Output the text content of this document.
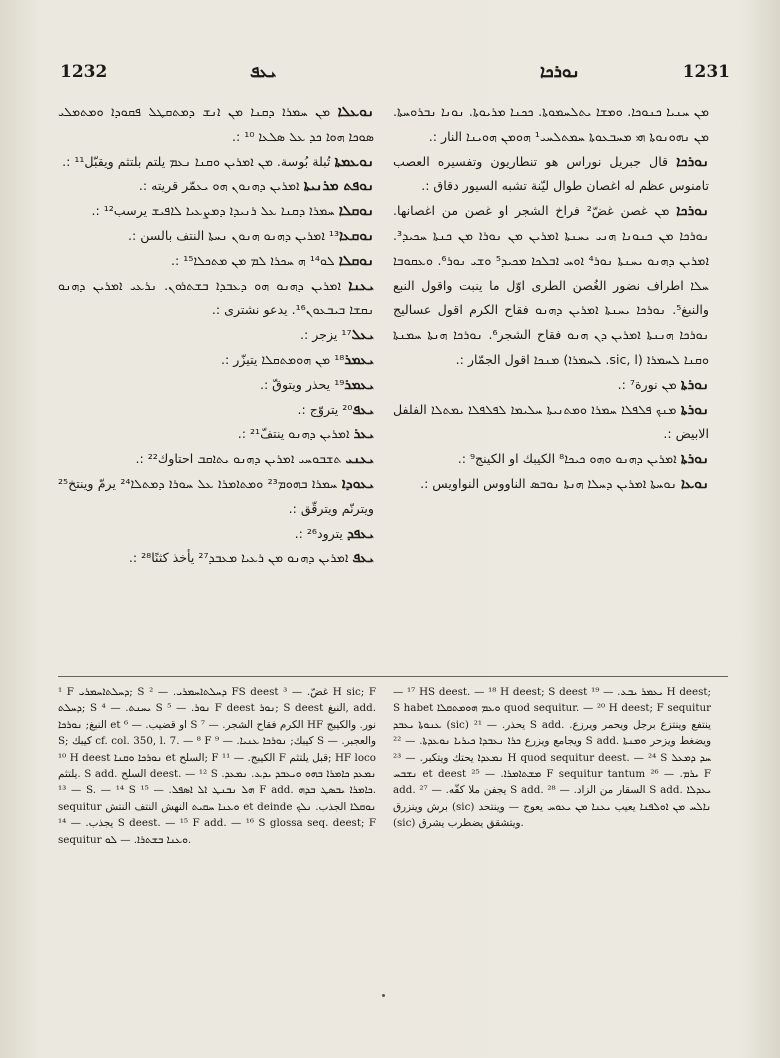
1232	ܝܥܦ	ܢܘܪܟܐ	1231

ܢܘܥܠܐ ܡܢ ܚܡܪܐ ܕܩܢܐ ܡܢ ܐܢܫ ܕܡܬܩܛܠ ܦܩܘܕܐ ܘܡܬܡܠܝ ܣܘܟܐ ܗܘܐ ܟܕ ܥܠ ܣܠܥܐ ¹⁰ :.

ܢܘܥܡܬܐ تُبلة بُوسة. ܡܢ ܐܡܪܝܢ ܘܩܢܐ ܢܥܡ يلتم بلتثم ويقبّل¹¹ :.

ܢܘܦܬ ܡܪܢܝܬܐ ܐܡܪܝܢ ܕܗܢܘܢ ܗܘ ܝܥمّر قريته :.

ܢܘܩܠܐ ܚܡܪܐ ܕܩܢܐ ܥܠ ܪܢܝܕܐ ܕܡܨܥܝܐ ܠܐܦܝܫ يرسب¹² :.

ܢܘܩܥܐ¹³ ܐܡܪܝܢ ܕܗܢܘ ܗܢܘܢ ܢܚܬܐ النتف بالسن :.

ܢܘܩܠܐ ܠܘ¹⁴ ܗ ܚܟܪܐ ܠܡ ܡܢ ܡܬܟܠܐ¹⁵ :.

ܝܥܢܐ ܐܡܪܝܢ ܕܗܢܘ ܗܘ ܕܥܒܕܐ ܒܫܬܪܘܢ. ܢܪܥܝ ܐܡܪܝܢ ܕܗܢܘ ܢܩܫܐ ܒܝܒܥܘܢ¹⁶. يدعو نشترى :.

ܝܥܠ¹⁷ يزجر :.

ܝܥܡܪ¹⁸ ܡܢ ܗܘܡܬܩܠܐ يتيزّر :.

ܝܥܡܪ¹⁹ يحذر ويتوقّ :.

ܝܥܦ²⁰ يتروّج :.

ܝܥܪ ܐܡܪܝܢ ܕܗܢܘ ينتفّ²¹ :.

ܝܥܢܝ ܬܫܒܘܚܝ ܐܡܪܝܢ ܕܗܢܘ ܝܬܐܩܒ احتاوك²² :.

ܝܥܘܕܐ ܚܡܪܐ ܒܗܘܡ²³ ܘܡܬܐܡܪܐ ܥܠ ܚܘܪܐ ܕܡܬܠܐ²⁴ يرمّ وينتخ²⁵ ويترنّم ويترقّق :.

ܝܥܦܕ يترود²⁶ :.

ܝܥܦ ܐܡܪܝܢ ܕܗܢܘ ܡܢ ܪܥܝܐ ܡܥܒܕ²⁷ يأخذ كثنًا²⁸ :.

ܡܢ ܚܢܝܐ ܟܢܘܟܐ. ܘܡܫܐ ܝܬܠܚܡܘܬܐ. ܟܟܢܐ ܡܪܝܘܬܐ. ܢܘܢܐ ܢܒܪܘܚܬܐ. ܡܢ ܢܗܘܢܘܬܐ ܗܝ ܡܚܒܥܘܬܐ ܚܡܬܠܚܝ¹ ܗܘܡܢ ܗܘܝܢܐ النار :.

ܢܘܪܟܐ قال جبريل نوراس هو تنطاريون وتفسيره العصب تامنوس عظم له اغصان طوال ليّنة تشبه السيور دقاق :.

ܢܘܪܟܐ ܡܢ غصن غضّ² فراخ الشجر او غصن من اغصانها. ܢܘܪܟܐ ܡܢ ܟܢܘܢܐ ܗܢܝ ܝܚܢܬܐ ܐܡܪܝܢ ܡܢ ܢܘܪܐ ܡܢ ܟܢܬܐ ܚܟܝܕ³. ܐܡܪܝܢ ܕܗܢܘ ܝܚܢܬܐ ܢܘܪ⁴ ܐܘܚ ܐܒܠܟܐ ܡܟܝܕ⁵ ܘܫܝ ܢܘܪ⁶. ܘܥܩܘܒܐ ܚܠܐ اطراف نضور الغُصن الطرى اوّل ما ينبت واقول النبع والنبغ⁵. ܢܘܪܟܐ ܝܚܢܬܐ ܐܡܪܝܢ ܕܗܢܘ فقاح الكرم اقول عساليج ܢܘܪܟܐ ܗܢܢܬܐ ܐܡܪܝܢ ܕܢ ܗܢܘ فقاح الشجر⁶. ܢܘܪܟܐ ܗܢܬܐ ܚܡܢܬܐ ܘܩܢܐ ܠܚܡܪܐ (sic, l. ܠܚܡܪܐ) ܡܢܟܐ اقول الجمّار :.

ܢܘܪܬܐ ܡܢ نورة⁷ :.

ܢܘܪܬܐ ܡܢܟ ܦܠܦܠܐ ܚܡܪܐ ܘܡܬܢܝܬܐ ܚܠܝܡܐ ܠܦܠܦܠܐ ܝܡܬܠܐ الفلفل الابيض :.

ܢܘܪܬܐ ܐܡܪܝܢ ܕܗܢܘ ܘܗܘ ܟܝܟܐ⁸ الكيبك او الكينج⁹ :.

ܢܘܥܐ ܢܘܚܬܐ ܐܡܪܝܢ ܕܚܠܐ ܗܢܬܐ ܢܘܒܣ الناووس النواويس :.

¹ F ܕܚܠܬܐܚܡܪܝ; S ܕܚܠܬܐܚܡܪܝ. — ² FS deest غضّ. — ³ H sic; F ܕܚܠܬ; S ܝܚܢܬ. — ⁴ S ܢܘܪ. — ⁵ F deest ܢܘܪ; S deest النبغ, add. النبغ; ܢܘܪܟܐ et او قضيب. — ⁶ S الكرم فقاح الشجر. — ⁷ HF نور. والكيبج S; كيبك cf. col. 350, l. 7. — ⁸ F كيبك; ܢܘܪܟܐ ܥܢܝܐ. — ⁹ S والعجبر. — ¹⁰ H deest ܢܘܪܟܐ ܘܩܢܐ et السلح; F الكيبج. — ¹¹ F قبل يلتثم; HF loco يلتثم. S add. السلح deest. — ¹² S ܢܡܥܕ ܟܐܡܪܐ ܒܗܘ ܘܝܥܒܕ ܝܕܥ. ܢܡܥܕ. — ¹³ S. — ¹⁴ S ܗܠ ܢܒܢܛ ܐܠ ܐܣܦܠ. — ¹⁵ F add. ܟܐܡܪܐ ܝܒܣܛ ܒܕܗ. sequitur ܘܥܢܐ ܚܩܝܬ النهش النتف النتش et deinde ܢܘܩܠܐ الجذب. ܢܠܟ يجذب. — ¹⁴ S deest. — ¹⁵ F add. — ¹⁶ S glossa seq. deest; F sequitur ܘܥܢܐ ܒܫܬܪܐ. — ܠܘ.

— ¹⁷ HS deest. — ¹⁸ H deest; S deest ܝܥܡܪ ܝܒܥ. — ¹⁹ H deest; S habet ܘܥܡ ܗܘܡܬܩܠܐ quod sequitur. — ²⁰ H deest; F sequitur ܥܢܘܬܐ ܝܥܒܕ (sic) يحذر. — ²¹ S add. ينتفع وينتزع برجل ويحمر ويرزع. ويجامع ويزرع ܟܪܐ ܢܥܒܕܐ ܟܝܪܝܐ ܢܘܥܕܬܐ. — ²² S add. ويضغط ويزحر ܘܡܢܬܐ ܢܡܥܕܐ يحتك ويتكبر. — ²³ H quod sequitur deest. — ²⁴ S ܚܕ ܕܡܥܠ ܢܫܒܚ et deest ܡܫܬܐܡܪܐ. — ²⁵ F sequitur tantum ܝܪܡ. — ²⁶ F add. يجفن ملا كفّه. — ²⁷ S add. السقار من الزاد. — ²⁸ S add. ܝܥܕܠܐ برش وينزرق (sic) ܢܐܠܚ ܡܢ ܐܘܠܦܢܐ يعيب ܝܥܢܐ ܡܢ ܝܥܘܚ يعوج — وينتحد (sic) ويتشقق يضطرب يشرق.
